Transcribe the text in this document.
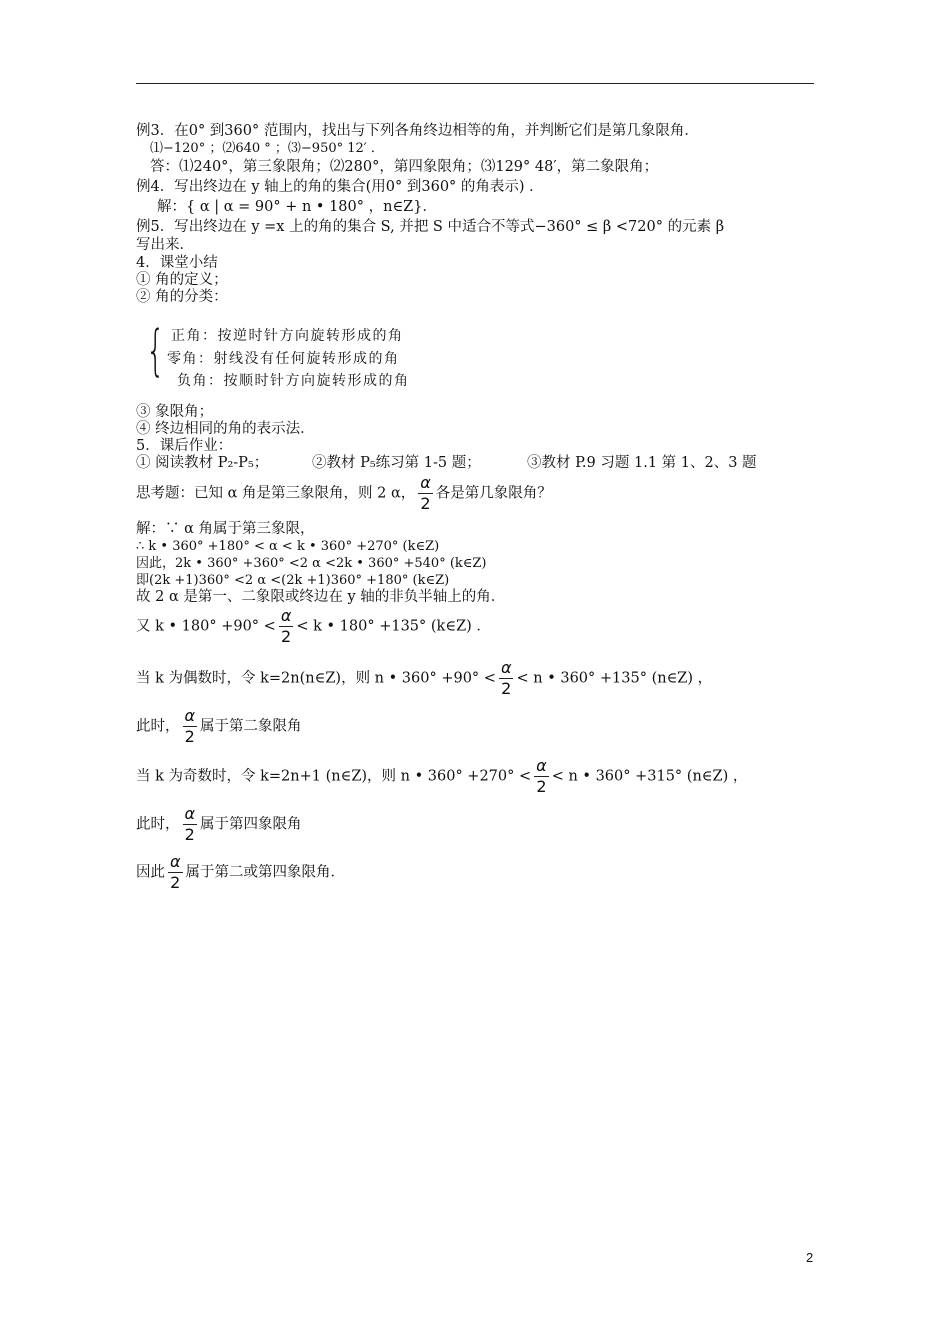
例3．在0° 到360° 范围内，找出与下列各角终边相等的角，并判断它们是第几象限角．
⑴−120° ；⑵640 ° ；⑶−950° 12′ ．
答：⑴240°，第三象限角；⑵280°，第四象限角；⑶129° 48′，第二象限角；
例4．写出终边在 y 轴上的角的集合(用0° 到360° 的角表示) ．
解：{ α | α = 90° + n • 180° ，n∈Z}．
例5．写出终边在 y =x 上的角的集合 S, 并把 S 中适合不等式−360° ≤ β <720° 的元素 β
写出来．
4．课堂小结
① 角的定义；
② 角的分类：
{ 正角：按逆时针方向旋转形成的角
零角：射线没有任何旋转形成的角
负角：按顺时针方向旋转形成的角
③ 象限角；
④ 终边相同的角的表示法．
5．课后作业：
① 阅读教材 P₂-P₅；	②教材 P₅练习第 1-5 题；	③教材 P.9 习题 1.1 第 1、2、3 题
思考题：已知 α 角是第三象限角，则 2 α， $\frac{\alpha}{2}$ 各是第几象限角？
解：∵ α 角属于第三象限，
∴ k • 360° +180° < α < k • 360° +270° (k∈Z)
因此，2k • 360° +360° <2 α <2k • 360° +540° (k∈Z)
即(2k +1)360° <2 α <(2k +1)360° +180° (k∈Z)
故 2 α 是第一、二象限或终边在 y 轴的非负半轴上的角．
又 k • $180^\circ +90^\circ < \frac{\alpha}{2} < k$ • 180° +135° (k∈Z) ．
当 k 为偶数时，令 k=2n(n∈Z)，则 n • $360^\circ +90^\circ < \frac{\alpha}{2} < n$ • 360° +135° (n∈Z) ，
此时， $\frac{\alpha}{2}$ 属于第二象限角
当 k 为奇数时，令 k=2n+1 (n∈Z)，则 n • $360^\circ +270^\circ < \frac{\alpha}{2} < n$ • 360° +315° (n∈Z) ，
此时， $\frac{\alpha}{2}$ 属于第四象限角
因此 $\frac{\alpha}{2}$ 属于第二或第四象限角．
2
